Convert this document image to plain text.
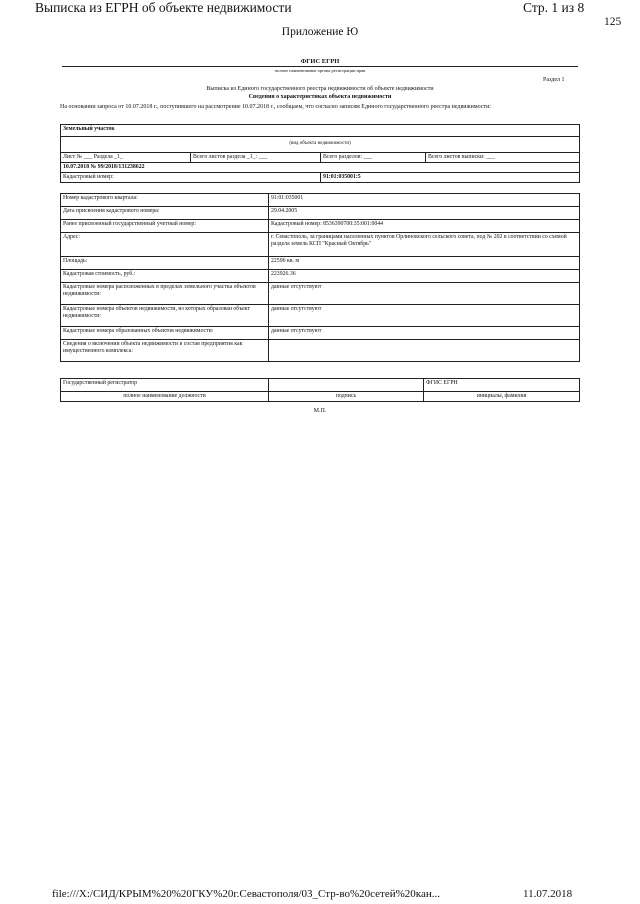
Выписка из ЕГРН об объекте недвижимости	Стр. 1 из 8
125
Приложение Ю
ФГИС ЕГРН
полное наименование органа регистрации прав
Раздел 1
Выписка из Единого государственного реестра недвижимости об объекте недвижимости
Сведения о характеристиках объекта недвижимости
На основании запроса от 10.07.2018 г., поступившего на рассмотрение 10.07.2018 г., сообщаем, что согласно записям Единого государственного реестра недвижимости:
Земельный участок			
(вид объекта недвижимости)			
Лист № ___ Раздела _1_	Всего листов раздела _1_: ___	Всего разделов: ___	Всего листов выписки: ___
10.07.2018 № 99/2018/131238622			
Кадастровый номер:		91:01:035001:5	
Номер кадастрового квартала:	91:01:035001
Дата присвоения кадастрового номера:	29.04.2005
Ранее присвоенный государственный учетный номер:	Кадастровый номер: 8536390700:35:001:0044
Адрес:	г. Севастополь, за границами населенных пунктов Орлиновского сельского совета, под № 202 в соответствии со схемой раздела земель КСП "Красный Октябрь"
Площадь:	22596 кв. м
Кадастровая стоимость, руб.:	223926.36
Кадастровые номера расположенных в пределах земельного участка объектов недвижимости:	данные отсутствуют
Кадастровые номера объектов недвижимости, из которых образован объект недвижимости:	данные отсутствуют
Кадастровые номера образованных объектов недвижимости:	данные отсутствуют
Сведения о включении объекта недвижимости в состав предприятия как имущественного комплекса:	
Государственный регистратор		ФГИС ЕГРН
полное наименование должности	подпись	инициалы, фамилия
М.П.
file:///X:/СИД/КРЫМ%20%20ГКУ%20г.Севастополя/03_Стр-во%20сетей%20кан...	11.07.2018
